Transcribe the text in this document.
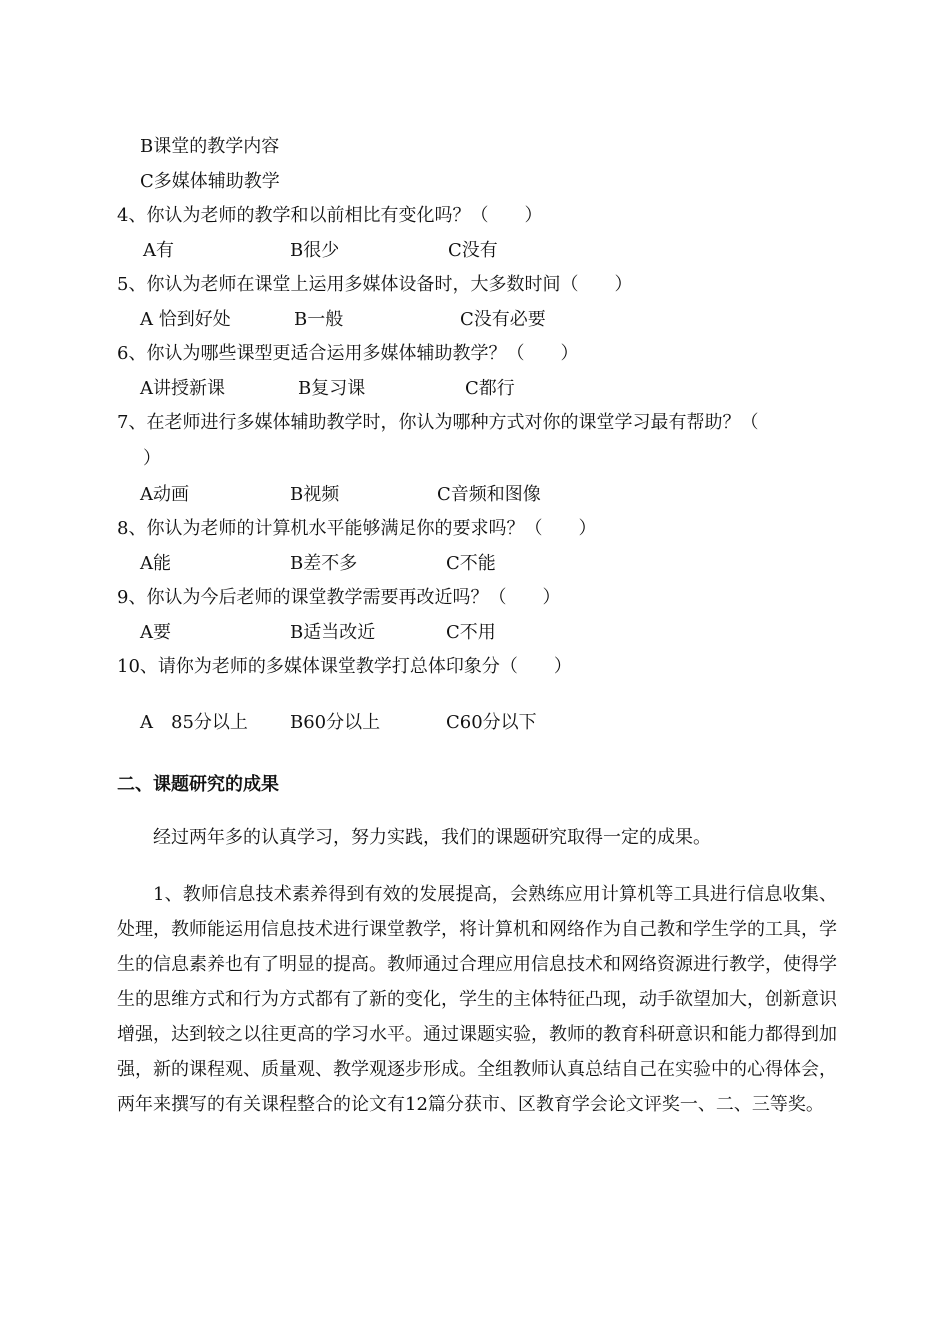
B课堂的教学内容
C多媒体辅助教学
4、你认为老师的教学和以前相比有变化吗？（　　）
A有	B很少	C没有
5、你认为老师在课堂上运用多媒体设备时，大多数时间（　　）
A 恰到好处	B一般	C没有必要
6、你认为哪些课型更适合运用多媒体辅助教学？（　　）
A讲授新课	B复习课	C都行
7、在老师进行多媒体辅助教学时，你认为哪种方式对你的课堂学习最有帮助？（
）
A动画	B视频	C音频和图像
8、你认为老师的计算机水平能够满足你的要求吗？（　　）
A能	B差不多	C不能
9、你认为今后老师的课堂教学需要再改近吗？（　　）
A要	B适当改近	C不用
10、请你为老师的多媒体课堂教学打总体印象分（　　）
A　85分以上 B60分以上	C60分以下
二、课题研究的成果
经过两年多的认真学习，努力实践，我们的课题研究取得一定的成果。
1、教师信息技术素养得到有效的发展提高，会熟练应用计算机等工具进行信息收集、处理，教师能运用信息技术进行课堂教学，将计算机和网络作为自己教和学生学的工具，学生的信息素养也有了明显的提高。教师通过合理应用信息技术和网络资源进行教学，使得学生的思维方式和行为方式都有了新的变化，学生的主体特征凸现，动手欲望加大，创新意识增强，达到较之以往更高的学习水平。通过课题实验，教师的教育科研意识和能力都得到加强，新的课程观、质量观、教学观逐步形成。全组教师认真总结自己在实验中的心得体会，两年来撰写的有关课程整合的论文有12篇分获市、区教育学会论文评奖一、二、三等奖。
